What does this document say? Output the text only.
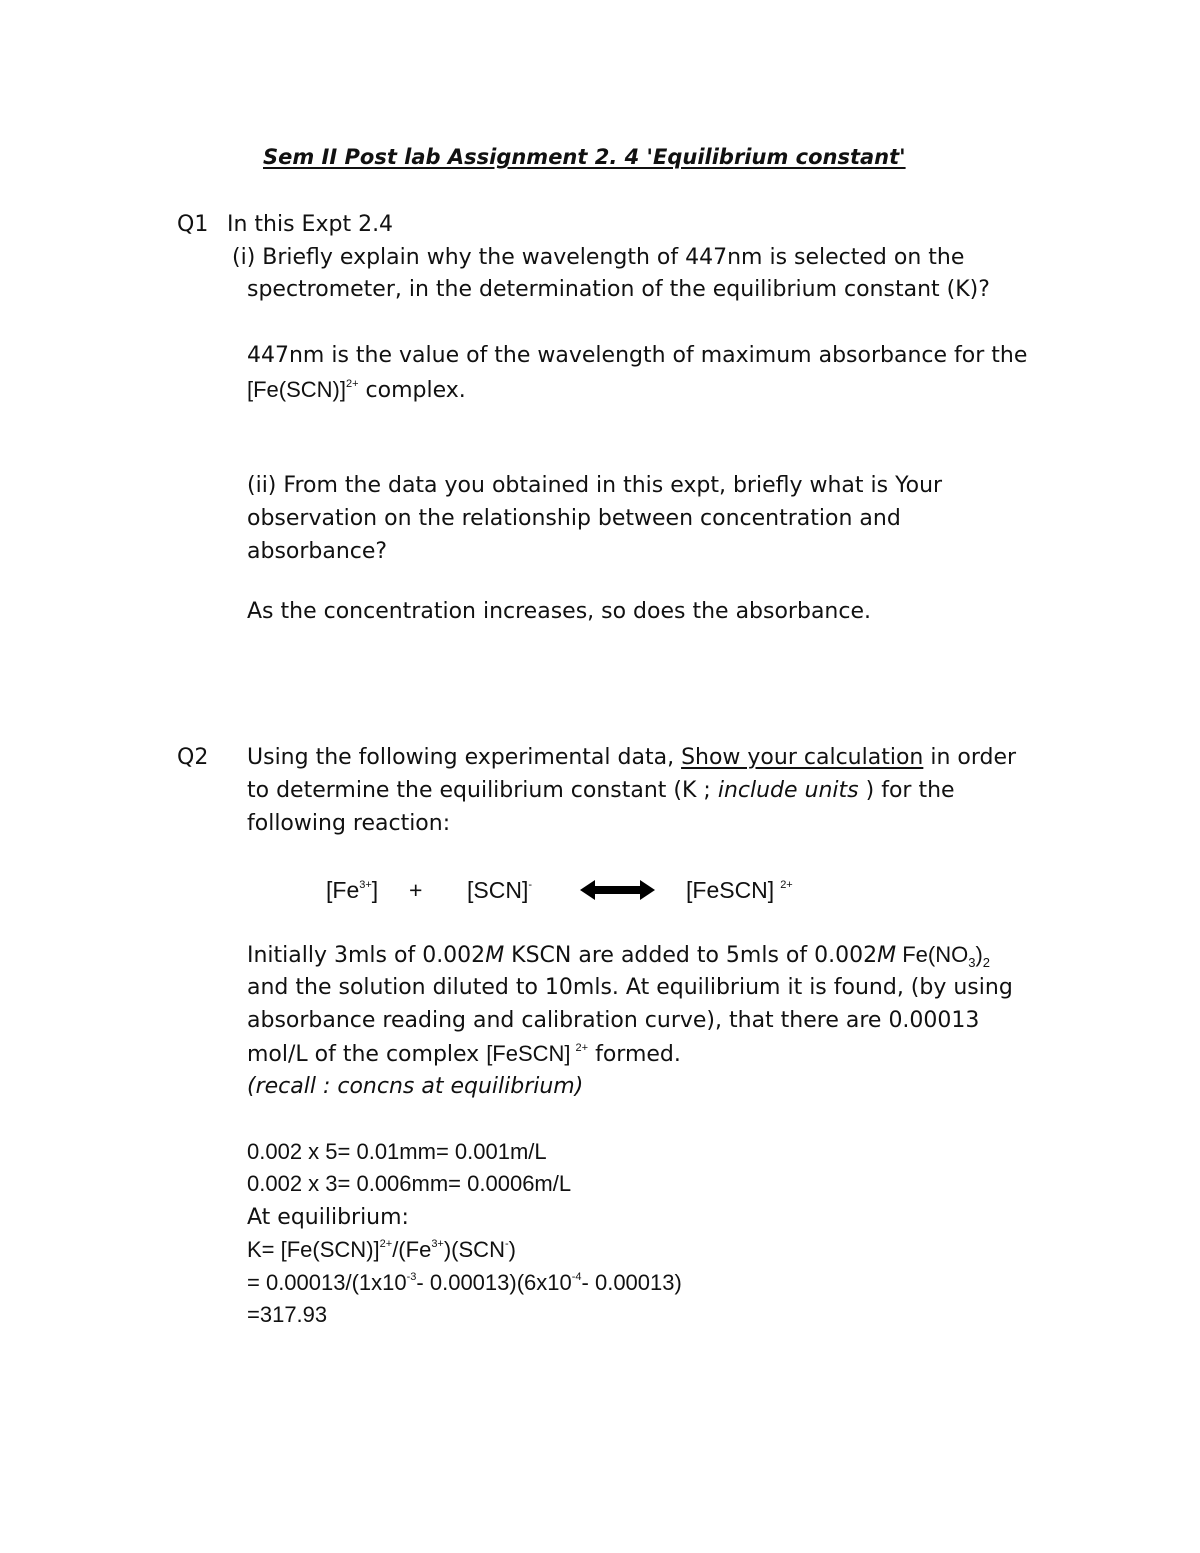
Sem II Post lab Assignment 2. 4 'Equilibrium constant'
Q1 In this Expt 2.4
(i) Briefly explain why the wavelength of 447nm is selected on the
spectrometer, in the determination of the equilibrium constant (K)?
447nm is the value of the wavelength of maximum absorbance for the
$[Fe(SCN)]^{2+}$ complex.
(ii) From the data you obtained in this expt, briefly what is Your
observation on the relationship between concentration and
absorbance?
As the concentration increases, so does the absorbance.
Q2 Using the following experimental data, Show your calculation in order
to determine the equilibrium constant (K ; include units ) for the
following reaction:
$[Fe^{3+}] + [SCN]^-$	[FeSCN] $^{2+}$
Initially 3mls of 0.002M KSCN are added to 5mls of 0.002M $Fe(NO_3)_2$
and the solution diluted to 10mls. At equilibrium it is found, (by using
absorbance reading and calibration curve), that there are 0.00013
mol/L of the complex [FeSCN] $^{2+}$ formed.
(recall : concns at equilibrium)
0.002 x 5= 0.01mm= 0.001m/L
0.002 x 3= 0.006mm= 0.0006m/L
At equilibrium:
$K= [Fe(SCN)]^{2+}/(Fe^{3+})(SCN^-)$
= $0.00013/(1x10^{-3}-$ $0.00013)(6x10^{-4}-$ 0.00013)
=317.93
